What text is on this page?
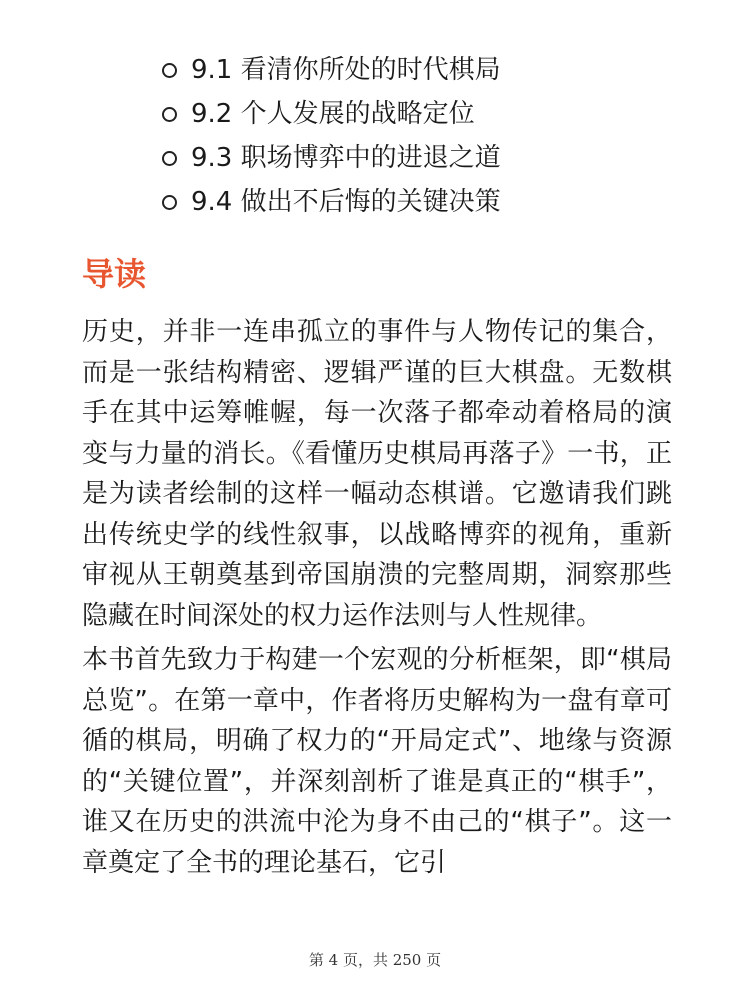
9.1 看清你所处的时代棋局
9.2 个人发展的战略定位
9.3 职场博弈中的进退之道
9.4 做出不后悔的关键决策
导读

历史，并非一连串孤立的事件与人物传记的集合，而是一张结构精密、逻辑严谨的巨大棋盘。无数棋手在其中运筹帷幄，每一次落子都牵动着格局的演变与力量的消长。《看懂历史棋局再落子》一书，正是为读者绘制的这样一幅动态棋谱。它邀请我们跳出传统史学的线性叙事，以战略博弈的视角，重新审视从王朝奠基到帝国崩溃的完整周期，洞察那些隐藏在时间深处的权力运作法则与人性规律。

本书首先致力于构建一个宏观的分析框架，即“棋局总览”。在第一章中，作者将历史解构为一盘有章可循的棋局，明确了权力的“开局定式”、地缘与资源的“关键位置”，并深刻剖析了谁是真正的“棋手”，谁又在历史的洪流中沦为身不由己的“棋子”。这一章奠定了全书的理论基石，它引

第 4 页，共 250 页
